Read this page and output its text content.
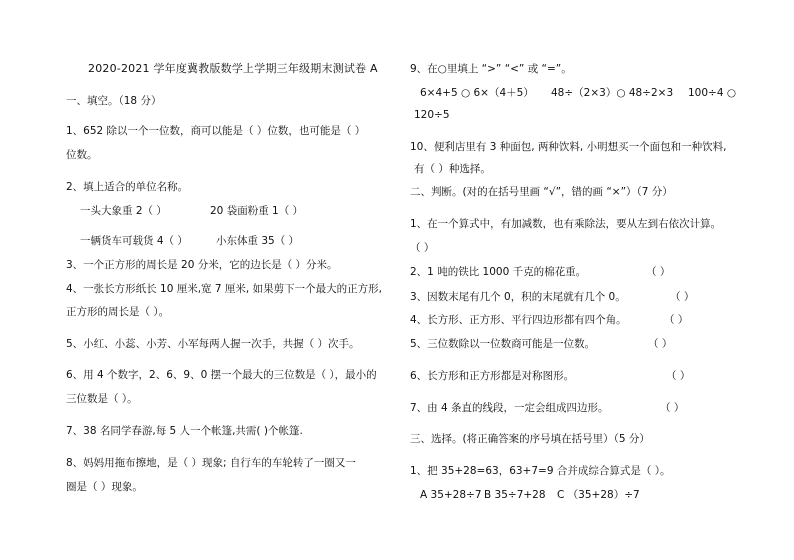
2020-2021 学年度冀教版数学上学期三年级期末测试卷 A
一、填空。（18 分）
1、652 除以一个一位数，商可以能是（ ）位数，也可能是（ ）
位数。
2、填上适合的单位名称。
一头大象重 2（ ）	20 袋面粉重 1（ ）
一辆货车可载货 4（ ）	小东体重 35（ ）
3、一个正方形的周长是 20 分米，它的边长是（ ）分米。
4、一张长方形纸长 10 厘米,宽 7 厘米, 如果剪下一个最大的正方形,
正方形的周长是（ ）。
5、小红、小蕊、小芳、小军每两人握一次手，共握（ ）次手。
6、用 4 个数字，2、6、9、0 摆一个最大的三位数是（ ），最小的
三位数是（ ）。
7、38 名同学春游,每 5 人一个帐篷,共需( )个帐篷.
8、妈妈用拖布擦地，是（ ）现象; 自行车的车轮转了一圈又一
圈是（ ）现象。
9、在○里填上 “>” “<” 或 “=”。
6×4+5 ○ 6×（4＋5） 48÷（2×3）○ 48÷2×3 100÷4 ○
120÷5
10、便利店里有 3 种面包, 两种饮料, 小明想买一个面包和一种饮料,
有（ ）种选择。
二、判断。(对的在括号里画 “√”，错的画 “×”）（7 分）
1、在一个算式中，有加减数，也有乘除法，要从左到右依次计算。
（ ）
2、1 吨的铁比 1000 千克的棉花重。	（ ）
3、因数末尾有几个 0，积的末尾就有几个 0。	（ ）
4、长方形、正方形、平行四边形都有四个角。	（ ）
5、三位数除以一位数商可能是一位数。	（ ）
6、长方形和正方形都是对称图形。	（ ）
7、由 4 条直的线段，一定会组成四边形。	（ ）
三、选择。(将正确答案的序号填在括号里）（5 分）
1、把 35+28=63，63+7=9 合并成综合算式是（ ）。
A 35+28÷7 B 35÷7+28 C （35+28）÷7
